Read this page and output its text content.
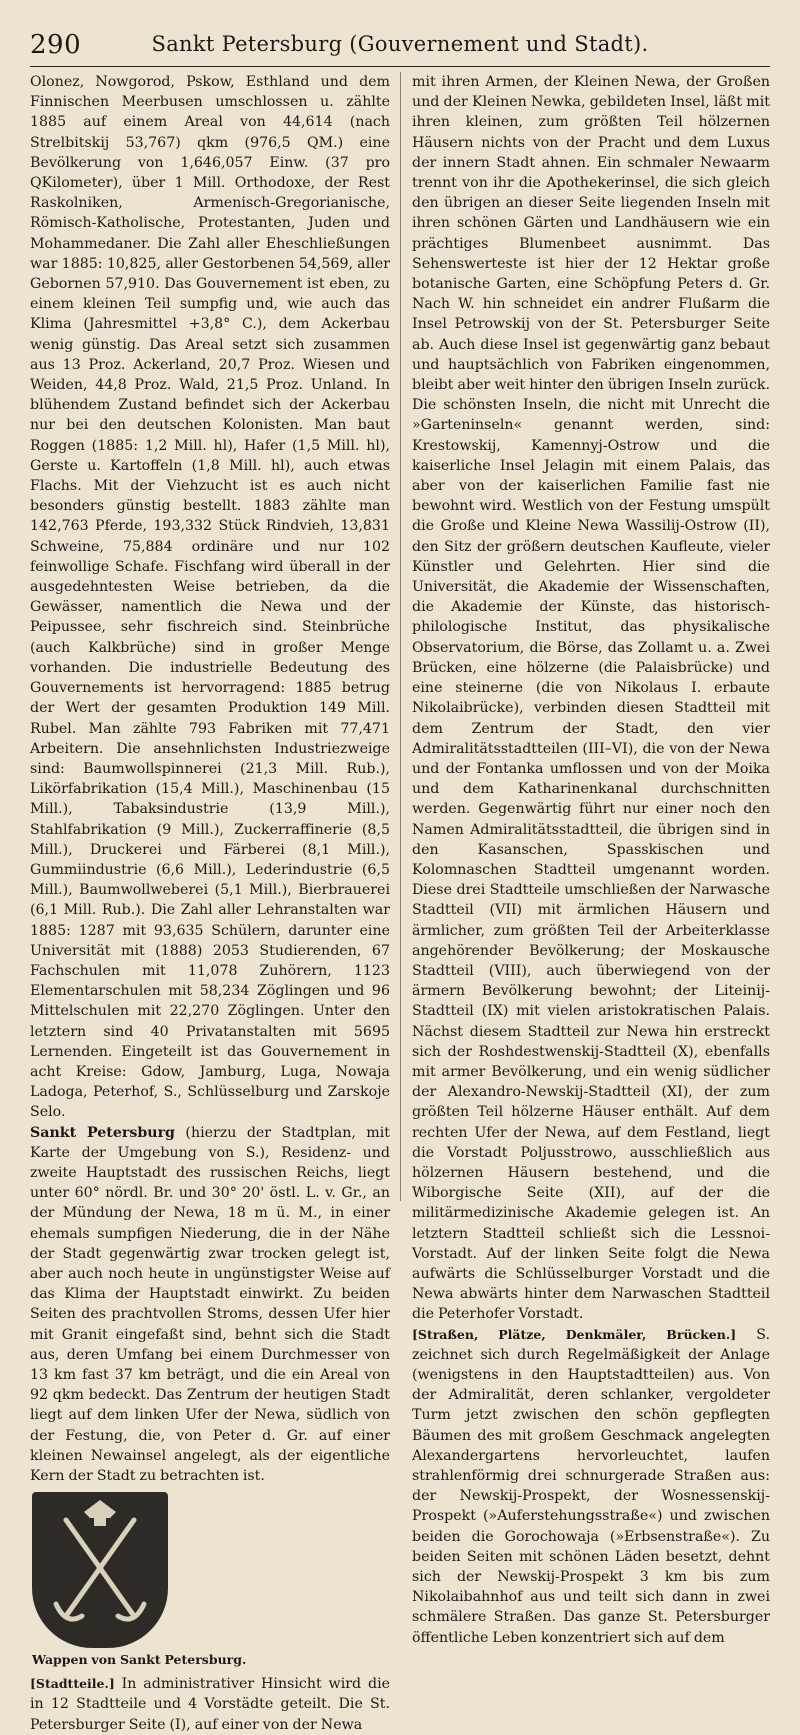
290	Sankt Petersburg (Gouvernement und Stadt).

Olonez, Nowgorod, Pskow, Esthland und dem Finnischen Meerbusen umschlossen u. zählte 1885 auf einem Areal von 44,614 (nach Strelbitskij 53,767) qkm (976,5 QM.) eine Bevölkerung von 1,646,057 Einw. (37 pro QKilometer), über 1 Mill. Orthodoxe, der Rest Raskolniken, Armenisch-Gregorianische, Römisch-Katholische, Protestanten, Juden und Mohammedaner. Die Zahl aller Eheschließungen war 1885: 10,825, aller Gestorbenen 54,569, aller Gebornen 57,910. Das Gouvernement ist eben, zu einem kleinen Teil sumpfig und, wie auch das Klima (Jahresmittel +3,8° C.), dem Ackerbau wenig günstig. Das Areal setzt sich zusammen aus 13 Proz. Ackerland, 20,7 Proz. Wiesen und Weiden, 44,8 Proz. Wald, 21,5 Proz. Unland. In blühendem Zustand befindet sich der Ackerbau nur bei den deutschen Kolonisten. Man baut Roggen (1885: 1,2 Mill. hl), Hafer (1,5 Mill. hl), Gerste u. Kartoffeln (1,8 Mill. hl), auch etwas Flachs. Mit der Viehzucht ist es auch nicht besonders günstig bestellt. 1883 zählte man 142,763 Pferde, 193,332 Stück Rindvieh, 13,831 Schweine, 75,884 ordinäre und nur 102 feinwollige Schafe. Fischfang wird überall in der ausgedehntesten Weise betrieben, da die Gewässer, namentlich die Newa und der Peipussee, sehr fischreich sind. Steinbrüche (auch Kalkbrüche) sind in großer Menge vorhanden. Die industrielle Bedeutung des Gouvernements ist hervorragend: 1885 betrug der Wert der gesamten Produktion 149 Mill. Rubel. Man zählte 793 Fabriken mit 77,471 Arbeitern. Die ansehnlichsten Industriezweige sind: Baumwollspinnerei (21,3 Mill. Rub.), Likörfabrikation (15,4 Mill.), Maschinenbau (15 Mill.), Tabaksindustrie (13,9 Mill.), Stahlfabrikation (9 Mill.), Zuckerraffinerie (8,5 Mill.), Druckerei und Färberei (8,1 Mill.), Gummiindustrie (6,6 Mill.), Lederindustrie (6,5 Mill.), Baumwollweberei (5,1 Mill.), Bierbrauerei (6,1 Mill. Rub.). Die Zahl aller Lehranstalten war 1885: 1287 mit 93,635 Schülern, darunter eine Universität mit (1888) 2053 Studierenden, 67 Fachschulen mit 11,078 Zuhörern, 1123 Elementarschulen mit 58,234 Zöglingen und 96 Mittelschulen mit 22,270 Zöglingen. Unter den letztern sind 40 Privatanstalten mit 5695 Lernenden. Eingeteilt ist das Gouvernement in acht Kreise: Gdow, Jamburg, Luga, Nowaja Ladoga, Peterhof, S., Schlüsselburg und Zarskoje Selo.

Sankt Petersburg (hierzu der Stadtplan, mit Karte der Umgebung von S.), Residenz- und zweite Hauptstadt des russischen Reichs, liegt unter 60° nördl. Br. und 30° 20' östl. L. v. Gr., an der Mündung der Newa, 18 m ü. M., in einer ehemals sumpfigen Niederung, die in der Nähe der Stadt gegenwärtig zwar trocken gelegt ist, aber auch noch heute in ungünstigster Weise auf das Klima der Hauptstadt einwirkt. Zu beiden Seiten des prachtvollen Stroms, dessen Ufer hier mit Granit eingefaßt sind, behnt sich die Stadt aus, deren Umfang bei einem Durchmesser von 13 km fast 37 km beträgt, und die ein Areal von 92 qkm bedeckt. Das Zentrum der heutigen Stadt liegt auf dem linken Ufer der Newa, südlich von der Festung, die, von Peter d. Gr. auf einer kleinen Newainsel angelegt, als der eigentliche Kern der Stadt zu betrachten ist.

Wappen von Sankt Petersburg.

[Stadtteile.] In administrativer Hinsicht wird die in 12 Stadtteile und 4 Vorstädte geteilt. Die St. Petersburger Seite (I), auf einer von der Newa

mit ihren Armen, der Kleinen Newa, der Großen und der Kleinen Newka, gebildeten Insel, läßt mit ihren kleinen, zum größten Teil hölzernen Häusern nichts von der Pracht und dem Luxus der innern Stadt ahnen. Ein schmaler Newaarm trennt von ihr die Apothekerinsel, die sich gleich den übrigen an dieser Seite liegenden Inseln mit ihren schönen Gärten und Landhäusern wie ein prächtiges Blumenbeet ausnimmt. Das Sehenswerteste ist hier der 12 Hektar große botanische Garten, eine Schöpfung Peters d. Gr. Nach W. hin schneidet ein andrer Flußarm die Insel Petrowskij von der St. Petersburger Seite ab. Auch diese Insel ist gegenwärtig ganz bebaut und hauptsächlich von Fabriken eingenommen, bleibt aber weit hinter den übrigen Inseln zurück. Die schönsten Inseln, die nicht mit Unrecht die »Garteninseln« genannt werden, sind: Krestowskij, Kamennyj-Ostrow und die kaiserliche Insel Jelagin mit einem Palais, das aber von der kaiserlichen Familie fast nie bewohnt wird. Westlich von der Festung umspült die Große und Kleine Newa Wassilij-Ostrow (II), den Sitz der größern deutschen Kaufleute, vieler Künstler und Gelehrten. Hier sind die Universität, die Akademie der Wissenschaften, die Akademie der Künste, das historisch-philologische Institut, das physikalische Observatorium, die Börse, das Zollamt u. a. Zwei Brücken, eine hölzerne (die Palaisbrücke) und eine steinerne (die von Nikolaus I. erbaute Nikolaibrücke), verbinden diesen Stadtteil mit dem Zentrum der Stadt, den vier Admiralitätsstadtteilen (III–VI), die von der Newa und der Fontanka umflossen und von der Moika und dem Katharinenkanal durchschnitten werden. Gegenwärtig führt nur einer noch den Namen Admiralitätsstadtteil, die übrigen sind in den Kasanschen, Spasskischen und Kolomnaschen Stadtteil umgenannt worden. Diese drei Stadtteile umschließen der Narwasche Stadtteil (VII) mit ärmlichen Häusern und ärmlicher, zum größten Teil der Arbeiterklasse angehörender Bevölkerung; der Moskausche Stadtteil (VIII), auch überwiegend von der ärmern Bevölkerung bewohnt; der Liteinij-Stadtteil (IX) mit vielen aristokratischen Palais. Nächst diesem Stadtteil zur Newa hin erstreckt sich der Roshdestwenskij-Stadtteil (X), ebenfalls mit armer Bevölkerung, und ein wenig südlicher der Alexandro-Newskij-Stadtteil (XI), der zum größten Teil hölzerne Häuser enthält. Auf dem rechten Ufer der Newa, auf dem Festland, liegt die Vorstadt Poljusstrowo, ausschließlich aus hölzernen Häusern bestehend, und die Wiborgische Seite (XII), auf der die militärmedizinische Akademie gelegen ist. An letztern Stadtteil schließt sich die Lessnoi-Vorstadt. Auf der linken Seite folgt die Newa aufwärts die Schlüsselburger Vorstadt und die Newa abwärts hinter dem Narwaschen Stadtteil die Peterhofer Vorstadt.

[Straßen, Plätze, Denkmäler, Brücken.] S. zeichnet sich durch Regelmäßigkeit der Anlage (wenigstens in den Hauptstadtteilen) aus. Von der Admiralität, deren schlanker, vergoldeter Turm jetzt zwischen den schön gepflegten Bäumen des mit großem Geschmack angelegten Alexandergartens hervorleuchtet, laufen strahlenförmig drei schnurgerade Straßen aus: der Newskij-Prospekt, der Wosnessenskij-Prospekt (»Auferstehungsstraße«) und zwischen beiden die Gorochowaja (»Erbsenstraße«). Zu beiden Seiten mit schönen Läden besetzt, dehnt sich der Newskij-Prospekt 3 km bis zum Nikolaibahnhof aus und teilt sich dann in zwei schmälere Straßen. Das ganze St. Petersburger öffentliche Leben konzentriert sich auf dem
